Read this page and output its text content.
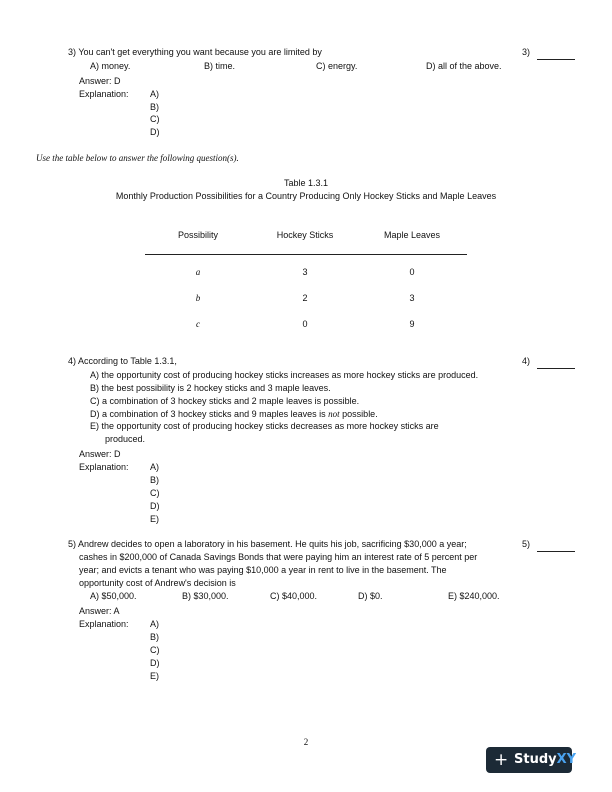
3) You can't get everything you want because you are limited by	3)
A) money.	B) time.	C) energy.	D) all of the above.
Answer: D
Explanation: A)
B)
C)
D)
Use the table below to answer the following question(s).
Table 1.3.1
Monthly Production Possibilities for a Country Producing Only Hockey Sticks and Maple Leaves
Possibility	Hockey Sticks	Maple Leaves
a	3	0
b	2	3
c	0	9
4) According to Table 1.3.1,	4)
A) the opportunity cost of producing hockey sticks increases as more hockey sticks are produced.
B) the best possibility is 2 hockey sticks and 3 maple leaves.
C) a combination of 3 hockey sticks and 2 maple leaves is possible.
D) a combination of 3 hockey sticks and 9 maples leaves is not possible.
E) the opportunity cost of producing hockey sticks decreases as more hockey sticks are
produced.
Answer: D
Explanation: A)
B)
C)
D)
E)
5) Andrew decides to open a laboratory in his basement. He quits his job, sacrificing $30,000 a year;	5)
cashes in $200,000 of Canada Savings Bonds that were paying him an interest rate of 5 percent per
year; and evicts a tenant who was paying $10,000 a year in rent to live in the basement. The
opportunity cost of Andrew's decision is
A) $50,000.	B) $30,000.	C) $40,000.	D) $0.	E) $240,000.
Answer: A
Explanation: A)
B)
C)
D)
E)
2
+ StudyXY
